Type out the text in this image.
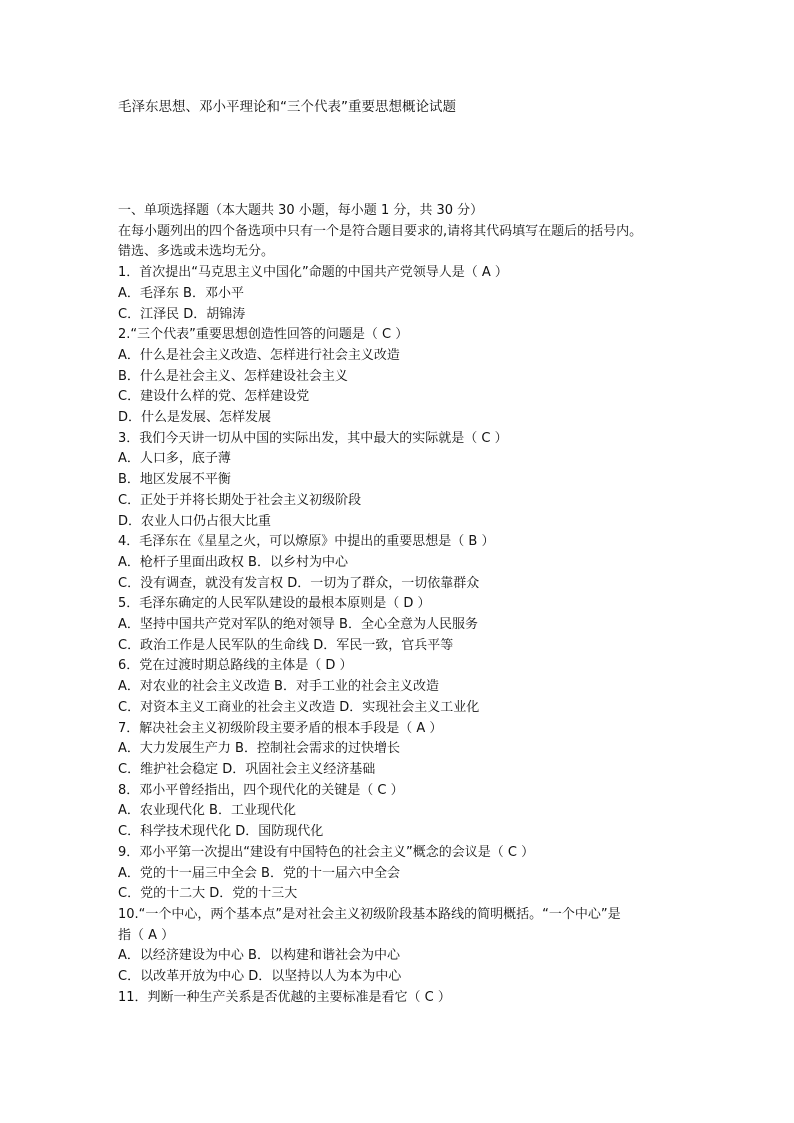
毛泽东思想、邓小平理论和“三个代表”重要思想概论试题
一、单项选择题（本大题共 30 小题，每小题 1 分，共 30 分）
在每小题列出的四个备选项中只有一个是符合题目要求的,请将其代码填写在题后的括号内。
错选、多选或未选均无分。
1．首次提出“马克思主义中国化”命题的中国共产党领导人是（ A ）
A．毛泽东 B．邓小平
C．江泽民 D．胡锦涛
2.“三个代表”重要思想创造性回答的问题是（ C ）
A．什么是社会主义改造、怎样进行社会主义改造
B．什么是社会主义、怎样建设社会主义
C．建设什么样的党、怎样建设党
D．什么是发展、怎样发展
3．我们今天讲一切从中国的实际出发，其中最大的实际就是（ C ）
A．人口多，底子薄
B．地区发展不平衡
C．正处于并将长期处于社会主义初级阶段
D．农业人口仍占很大比重
4．毛泽东在《星星之火，可以燎原》中提出的重要思想是（ B ）
A．枪杆子里面出政权 B．以乡村为中心
C．没有调查，就没有发言权 D．一切为了群众，一切依靠群众
5．毛泽东确定的人民军队建设的最根本原则是（ D ）
A．坚持中国共产党对军队的绝对领导 B．全心全意为人民服务
C．政治工作是人民军队的生命线 D．军民一致，官兵平等
6．党在过渡时期总路线的主体是（ D ）
A．对农业的社会主义改造 B．对手工业的社会主义改造
C．对资本主义工商业的社会主义改造 D．实现社会主义工业化
7．解决社会主义初级阶段主要矛盾的根本手段是（ A ）
A．大力发展生产力 B．控制社会需求的过快增长
C．维护社会稳定 D．巩固社会主义经济基础
8．邓小平曾经指出，四个现代化的关键是（ C ）
A．农业现代化 B．工业现代化
C．科学技术现代化 D．国防现代化
9．邓小平第一次提出“建设有中国特色的社会主义”概念的会议是（ C ）
A．党的十一届三中全会 B．党的十一届六中全会
C．党的十二大 D．党的十三大
10.“一个中心，两个基本点”是对社会主义初级阶段基本路线的简明概括。“一个中心”是
指（ A ）
A．以经济建设为中心 B．以构建和谐社会为中心
C．以改革开放为中心 D．以坚持以人为本为中心
11．判断一种生产关系是否优越的主要标准是看它（ C ）
